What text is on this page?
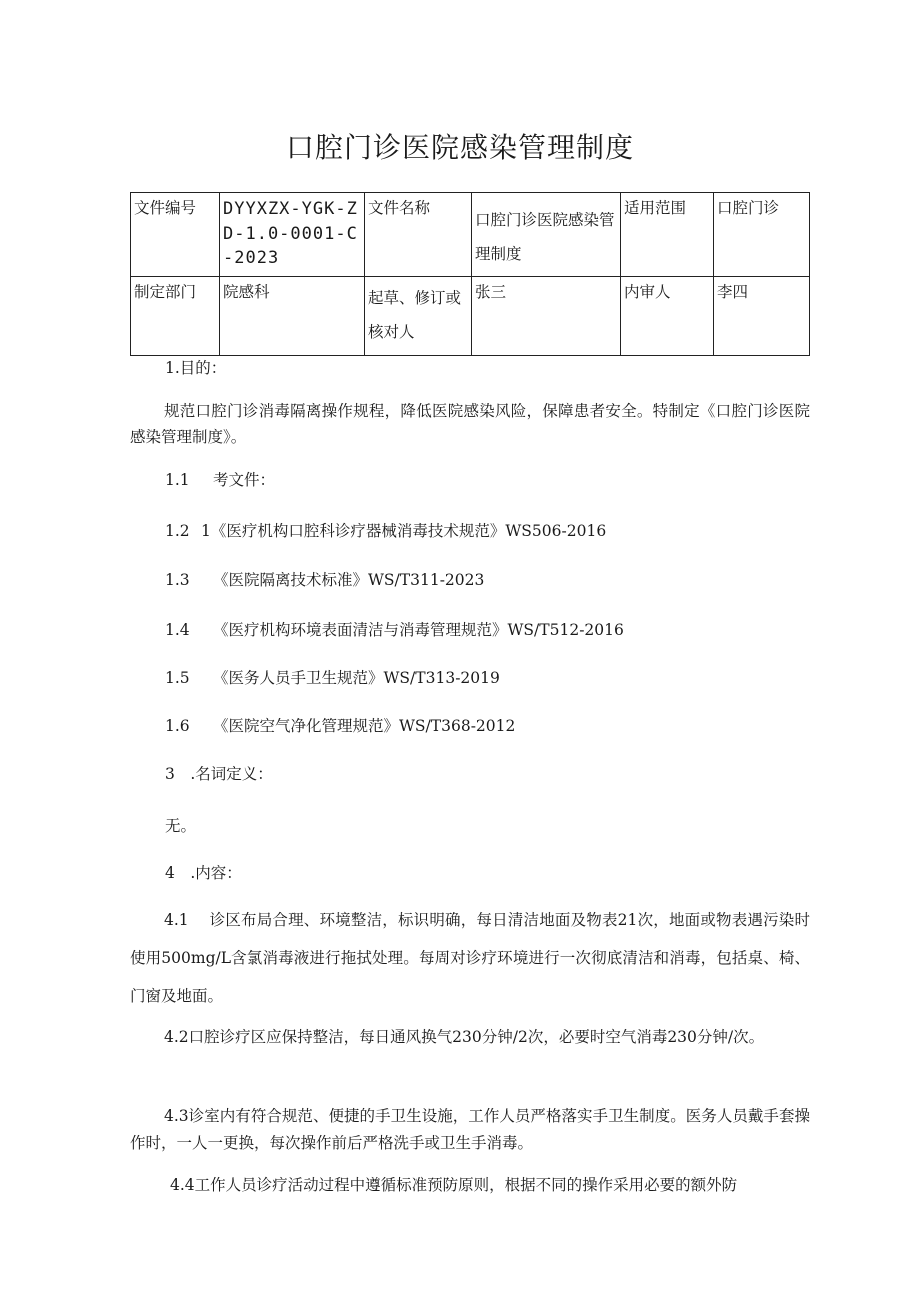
口腔门诊医院感染管理制度
文件编号	DYYXZX-YGK-ZD-1.0-0001-C-2023	文件名称	口腔门诊医院感染管理制度	适用范围	口腔门诊
制定部门	院感科	起草、修订或核对人	张三	内审人	李四
1.目的：
规范口腔门诊消毒隔离操作规程，降低医院感染风险，保障患者安全。特制定《口腔门诊医院感染管理制度》。
1.1 考文件：
1.2 1《医疗机构口腔科诊疗器械消毒技术规范》WS506-2016
1.3 《医院隔离技术标准》WS/T311-2023
1.4 《医疗机构环境表面清洁与消毒管理规范》WS/T512-2016
1.5 《医务人员手卫生规范》WS/T313-2019
1.6 《医院空气净化管理规范》WS/T368-2012
3　.名词定义：
无。
4　.内容：
4.1　 诊区布局合理、环境整洁，标识明确，每日清洁地面及物表21次，地面或物表遇污染时使用500mg/L含氯消毒液进行拖拭处理。每周对诊疗环境进行一次彻底清洁和消毒，包括桌、椅、门窗及地面。
4.2口腔诊疗区应保持整洁，每日通风换气230分钟/2次，必要时空气消毒230分钟/次。
4.3诊室内有符合规范、便捷的手卫生设施，工作人员严格落实手卫生制度。医务人员戴手套操作时，一人一更换，每次操作前后严格洗手或卫生手消毒。
4.4工作人员诊疗活动过程中遵循标准预防原则，根据不同的操作采用必要的额外防
